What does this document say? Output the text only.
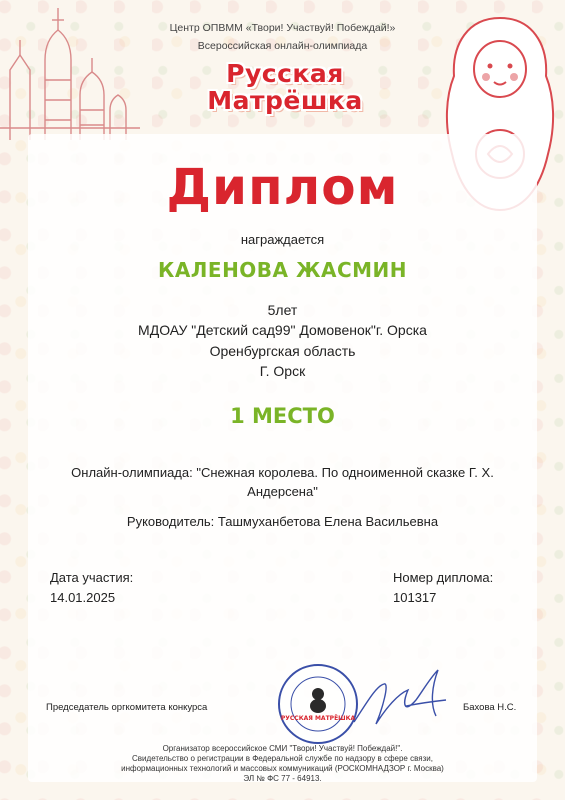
Центр ОПВММ «Твори! Участвуй! Побеждай!»
Всероссийская онлайн-олимпиада
Русская
Матрёшка
Диплом
награждается
КАЛЕНОВА ЖАСМИН
5лет
МДОАУ "Детский сад99" Домовенок"г. Орска
Оренбургская область
Г. Орск
1 МЕСТО
Онлайн-олимпиада: "Снежная королева. По одноименной сказке Г. Х.
Андерсена"
Руководитель: Ташмуханбетова Елена Васильевна
Дата участия:
14.01.2025
Номер диплома:
101317
Председатель оргкомитета конкурса
РУССКАЯ МАТРЁШКА
Бахова Н.С.
Организатор всероссийское СМИ "Твори! Участвуй! Побеждай!".
Свидетельство о регистрации в Федеральной службе по надзору в сфере связи,
информационных технологий и массовых коммуникаций (РОСКОМНАДЗОР г. Москва)
ЭЛ № ФС 77 - 64913.
